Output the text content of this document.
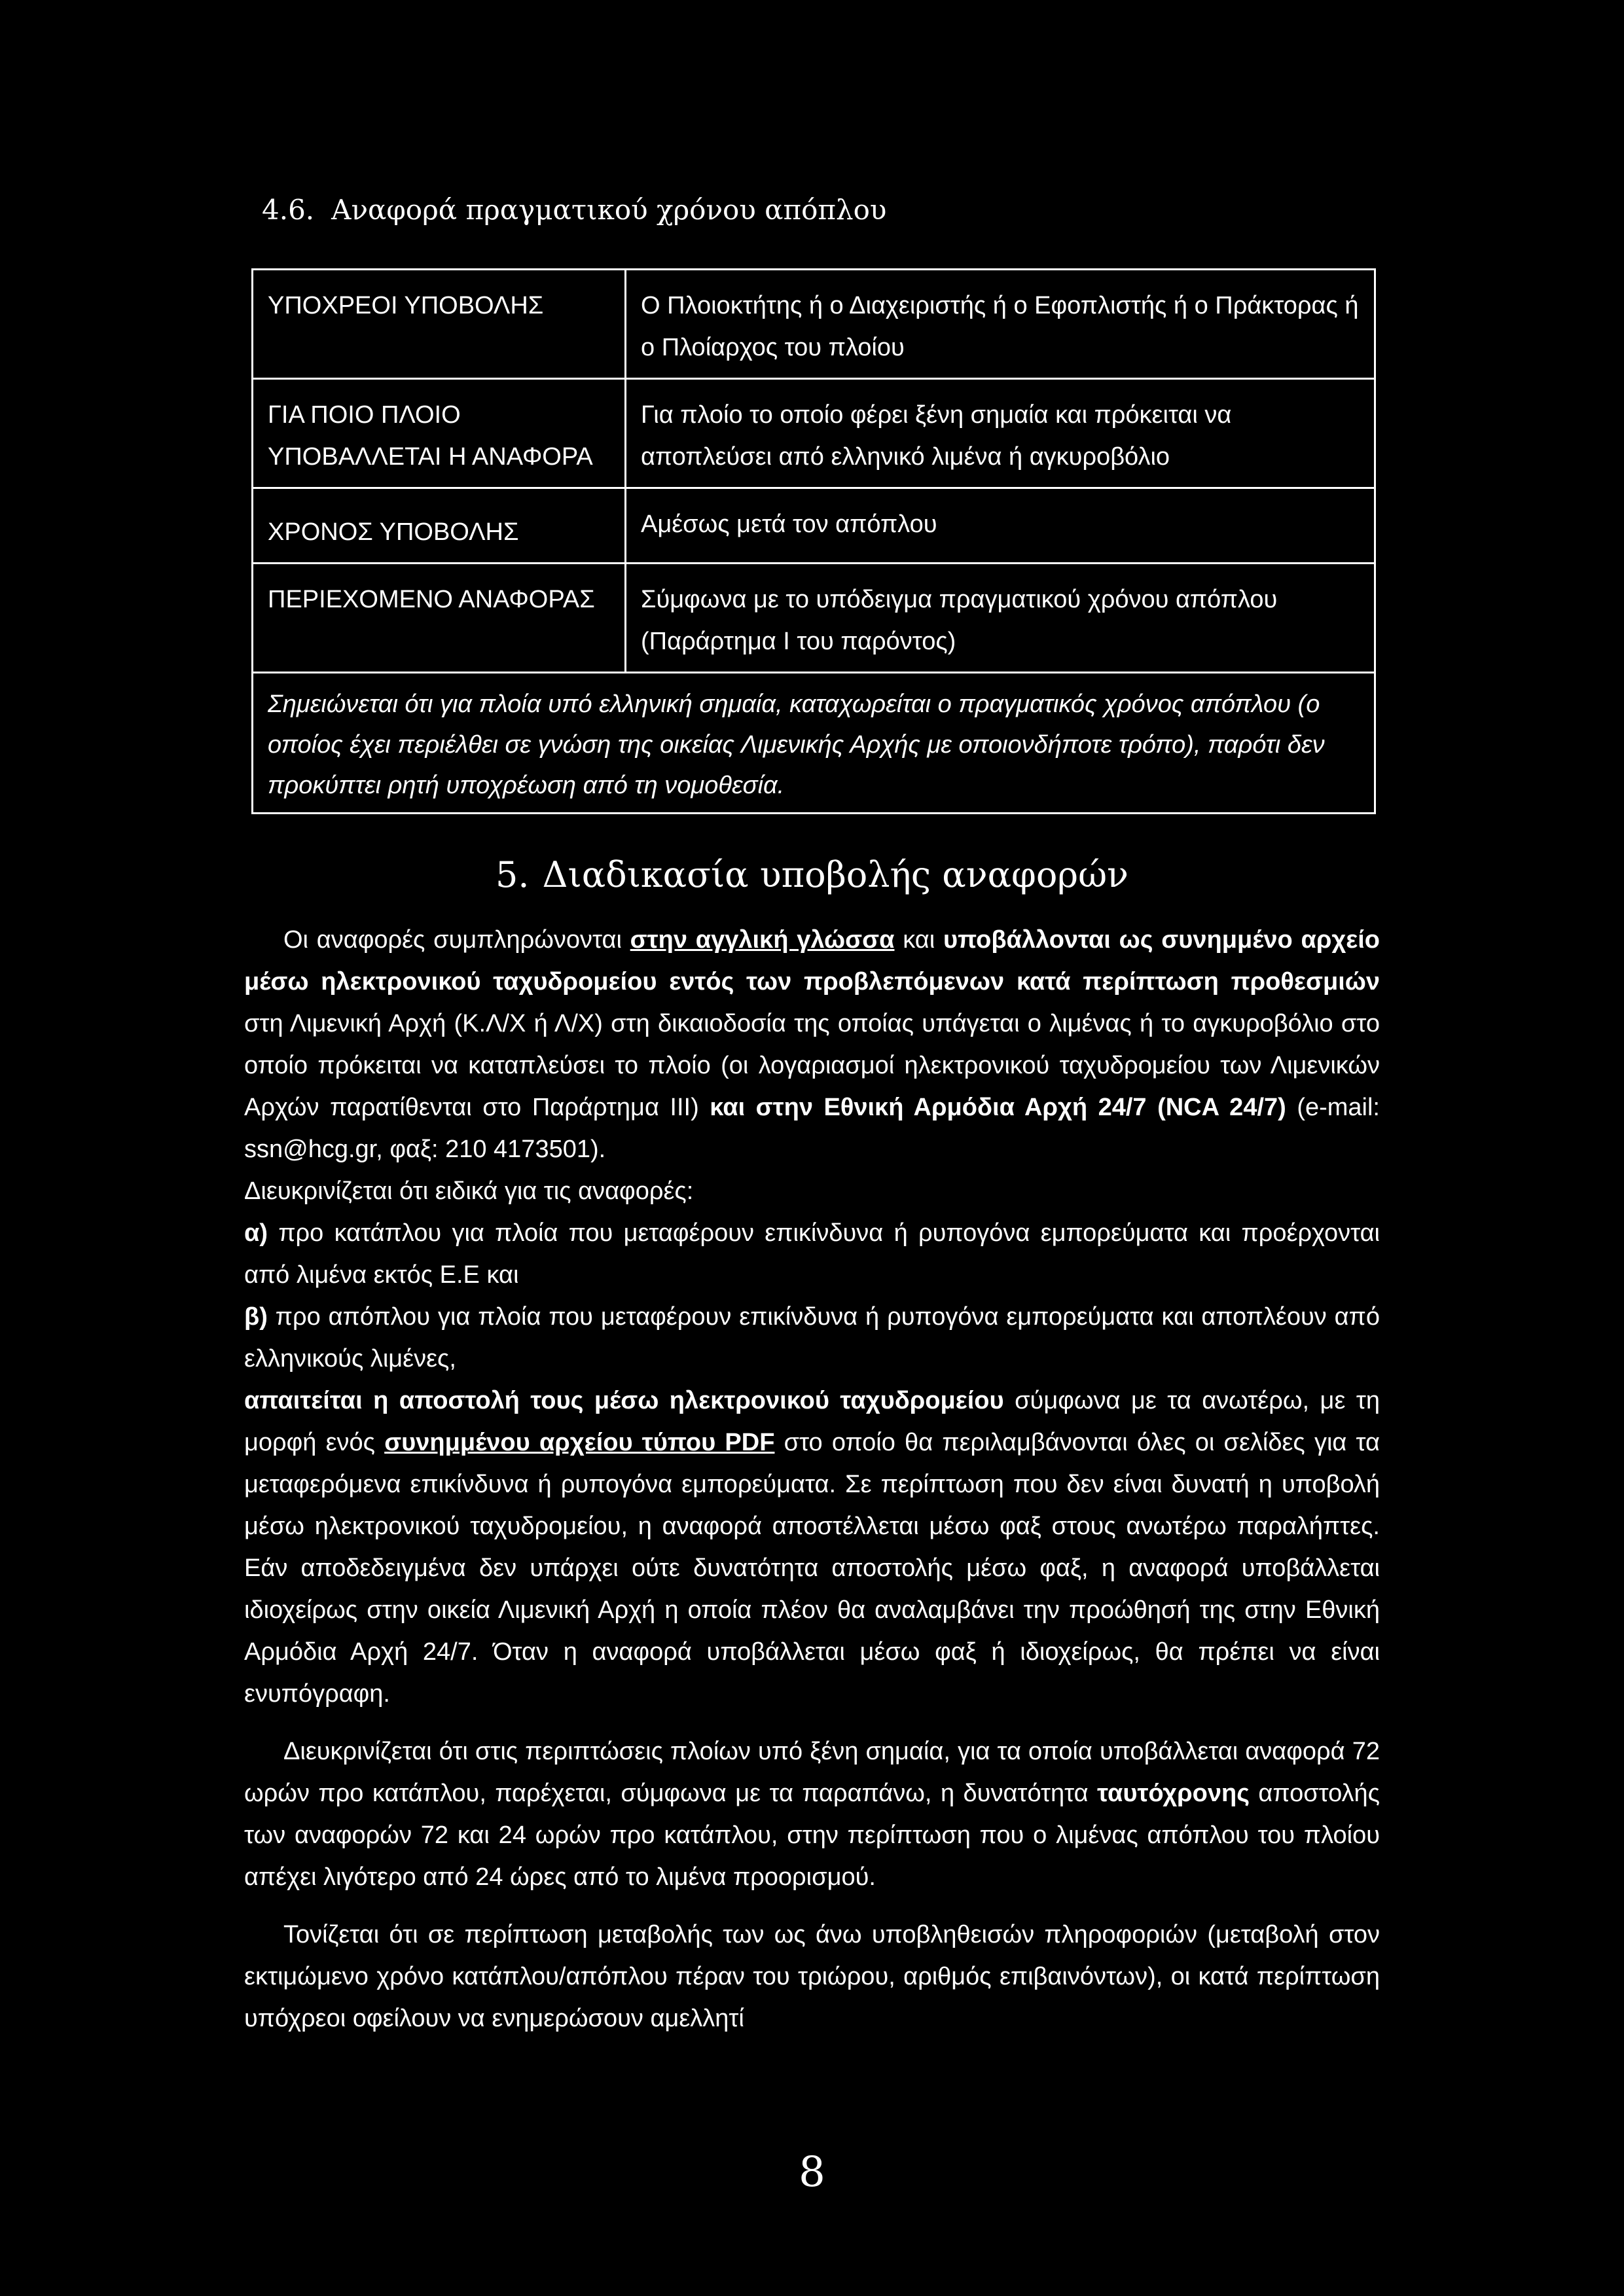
4.6. Αναφορά πραγματικού χρόνου απόπλου
ΥΠΟΧΡΕΟΙ ΥΠΟΒΟΛΗΣ	Ο Πλοιοκτήτης ή ο Διαχειριστής ή ο Εφοπλιστής ή ο Πράκτορας ή ο Πλοίαρχος του πλοίου
ΓΙΑ ΠΟΙΟ ΠΛΟΙΟ ΥΠΟΒΑΛΛΕΤΑΙ Η ΑΝΑΦΟΡΑ	Για πλοίο το οποίο φέρει ξένη σημαία και πρόκειται να αποπλεύσει από ελληνικό λιμένα ή αγκυροβόλιο
ΧΡΟΝΟΣ ΥΠΟΒΟΛΗΣ	Αμέσως μετά τον απόπλου
ΠΕΡΙΕΧΟΜΕΝΟ ΑΝΑΦΟΡΑΣ	Σύμφωνα με το υπόδειγμα πραγματικού χρόνου απόπλου (Παράρτημα Ι του παρόντος)
Σημειώνεται ότι για πλοία υπό ελληνική σημαία, καταχωρείται ο πραγματικός χρόνος απόπλου (ο οποίος έχει περιέλθει σε γνώση της οικείας Λιμενικής Αρχής με οποιονδήποτε τρόπο), παρότι δεν προκύπτει ρητή υποχρέωση από τη νομοθεσία.	
5. Διαδικασία υποβολής αναφορών

Οι αναφορές συμπληρώνονται στην αγγλική γλώσσα και υποβάλλονται ως συνημμένο αρχείο μέσω ηλεκτρονικού ταχυδρομείου εντός των προβλεπόμενων κατά περίπτωση προθεσμιών στη Λιμενική Αρχή (Κ.Λ/Χ ή Λ/Χ) στη δικαιοδοσία της οποίας υπάγεται ο λιμένας ή το αγκυροβόλιο στο οποίο πρόκειται να καταπλεύσει το πλοίο (οι λογαριασμοί ηλεκτρονικού ταχυδρομείου των Λιμενικών Αρχών παρατίθενται στο Παράρτημα ΙΙΙ) και στην Εθνική Αρμόδια Αρχή 24/7 (NCA 24/7) (e-mail: ssn@hcg.gr, φαξ: 210 4173501).

Διευκρινίζεται ότι ειδικά για τις αναφορές:

α) προ κατάπλου για πλοία που μεταφέρουν επικίνδυνα ή ρυπογόνα εμπορεύματα και προέρχονται από λιμένα εκτός Ε.Ε και

β) προ απόπλου για πλοία που μεταφέρουν επικίνδυνα ή ρυπογόνα εμπορεύματα και αποπλέουν από ελληνικούς λιμένες,

απαιτείται η αποστολή τους μέσω ηλεκτρονικού ταχυδρομείου σύμφωνα με τα ανωτέρω, με τη μορφή ενός συνημμένου αρχείου τύπου PDF στο οποίο θα περιλαμβάνονται όλες οι σελίδες για τα μεταφερόμενα επικίνδυνα ή ρυπογόνα εμπορεύματα. Σε περίπτωση που δεν είναι δυνατή η υποβολή μέσω ηλεκτρονικού ταχυδρομείου, η αναφορά αποστέλλεται μέσω φαξ στους ανωτέρω παραλήπτες. Εάν αποδεδειγμένα δεν υπάρχει ούτε δυνατότητα αποστολής μέσω φαξ, η αναφορά υποβάλλεται ιδιοχείρως στην οικεία Λιμενική Αρχή η οποία πλέον θα αναλαμβάνει την προώθησή της στην Εθνική Αρμόδια Αρχή 24/7. Όταν η αναφορά υποβάλλεται μέσω φαξ ή ιδιοχείρως, θα πρέπει να είναι ενυπόγραφη.

Διευκρινίζεται ότι στις περιπτώσεις πλοίων υπό ξένη σημαία, για τα οποία υποβάλλεται αναφορά 72 ωρών προ κατάπλου, παρέχεται, σύμφωνα με τα παραπάνω, η δυνατότητα ταυτόχρονης αποστολής των αναφορών 72 και 24 ωρών προ κατάπλου, στην περίπτωση που ο λιμένας απόπλου του πλοίου απέχει λιγότερο από 24 ώρες από το λιμένα προορισμού.

Τονίζεται ότι σε περίπτωση μεταβολής των ως άνω υποβληθεισών πληροφοριών (μεταβολή στον εκτιμώμενο χρόνο κατάπλου/απόπλου πέραν του τριώρου, αριθμός επιβαινόντων), οι κατά περίπτωση υπόχρεοι οφείλουν να ενημερώσουν αμελλητί

8
